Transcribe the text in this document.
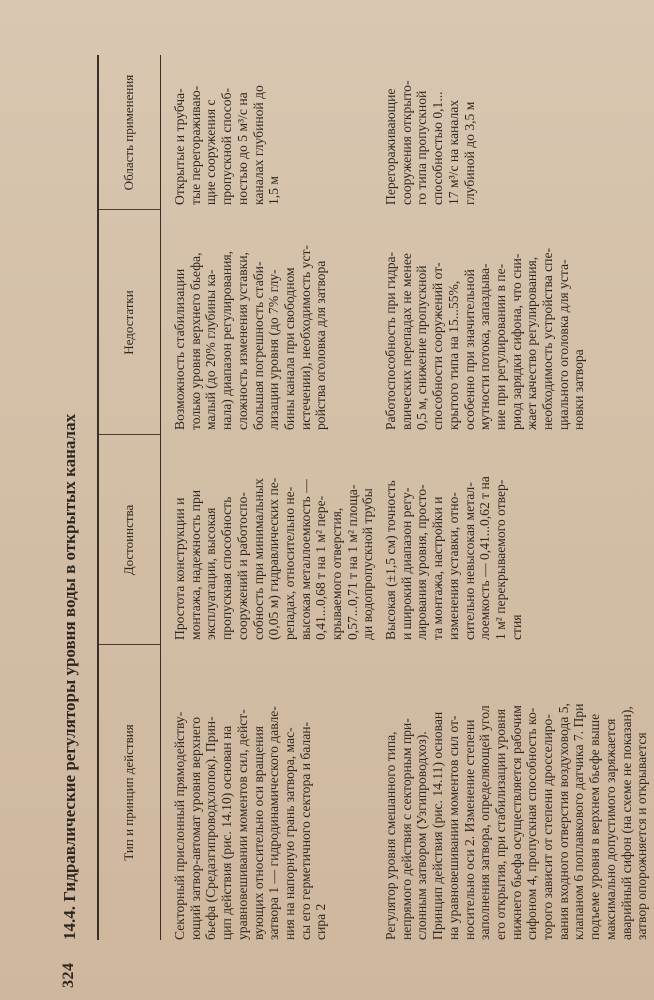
324
14.4. Гидравлические регуляторы уровня воды в открытых каналах	Тип и принцип действия
Достоинства
Недостатки
Область применения
Секторный прислонный прямодейству- ющий затвор-автомат уровня верхнего бьефа (Средазгипроводхлопок). Прин- цип действия (рис. 14.10) основан на уравновешивании моментов сил, дейст- вующих относительно оси вращения затвора 1 — гидродинамического давле- ния на напорную грань затвора, мас- сы его герметичного сектора и балан- сира 2
Простота конструкции и монтажа, надежность при эксплуатации, высокая пропускная способность сооружений и работоспо- собность при минимальных (0,05 м) гидравлических пе- репадах, относительно не- высокая металлоемкость — 0,41...0,68 т на 1 м² пере- крываемого отверстия, 0,57...0,71 т на 1 м² площа- ди водопропускной трубы
Возможность стабилизации только уровня верхнего бьефа, малый (до 20% глубины ка- нала) диапазон регулирования, сложность изменения уставки, большая погрешность стаби- лизации уровня (до 7% глу- бины канала при свободном истечении), необходимость уст- ройства оголовка для затвора
Открытые и трубча- тые перегораживаю- щие сооружения с пропускной способ- ностью до 5 м³/с на каналах глубиной до 1,5 м
Регулятор уровня смешанного типа, непрямого действия с секторным при- слонным затвором (Узгипроводхоз). Принцип действия (рис. 14.11) основан на уравновешивании моментов сил от- носительно оси 2. Изменение степени заполнения затвора, определяющей угол его открытия, при стабилизации уровня нижнего бьефа осуществляется рабочим сифоном 4, пропускная способность ко- торого зависит от степени дросселиро- вания входного отверстия воздуховода 5, клапаном 6 поплавкового датчика 7. При подъеме уровня в верхнем бьефе выше максимально допустимого заряжается аварийный сифон (на схеме не показан), затвор опорожняется и открывается
Высокая (±1,5 см) точность и широкий диапазон регу- лирования уровня, просто- та монтажа, настройки и изменения уставки, отно- сительно невысокая метал- лоемкость — 0,41...0,62 т на 1 м² перекрываемого отвер- стия
Работоспособность при гидра- влических перепадах не менее 0,5 м, снижение пропускной способности сооружений от- крытого типа на 15...55%, особенно при значительной мутности потока, запаздыва- ние при регулировании в пе- риод зарядки сифона, что сни- жает качество регулирования, необходимость устройства спе- циального оголовка для уста- новки затвора
Перегораживающие сооружения открыто- го типа пропускной способностью 0,1... 17 м³/с на каналах глубиной до 3,5 м
